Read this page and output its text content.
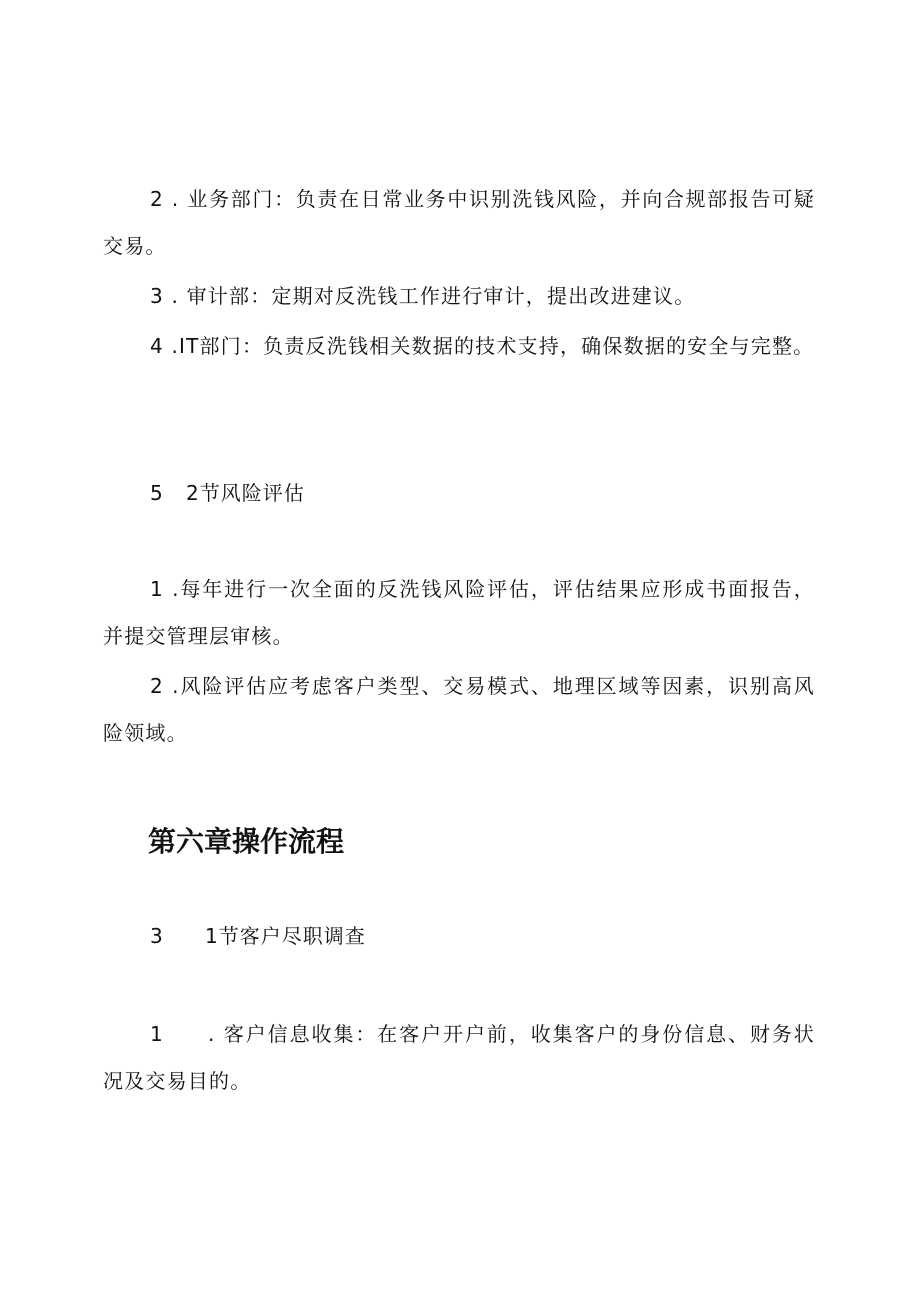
2 . 业务部门：负责在日常业务中识别洗钱风险，并向合规部报告可疑交易。

3 . 审计部：定期对反洗钱工作进行审计，提出改进建议。

4 .IT部门：负责反洗钱相关数据的技术支持，确保数据的安全与完整。

5 2节风险评估

1 .每年进行一次全面的反洗钱风险评估，评估结果应形成书面报告，并提交管理层审核。

2 .风险评估应考虑客户类型、交易模式、地理区域等因素，识别高风险领域。

第六章操作流程

3 1节客户尽职调查

1 . 客户信息收集：在客户开户前，收集客户的身份信息、财务状况及交易目的。
